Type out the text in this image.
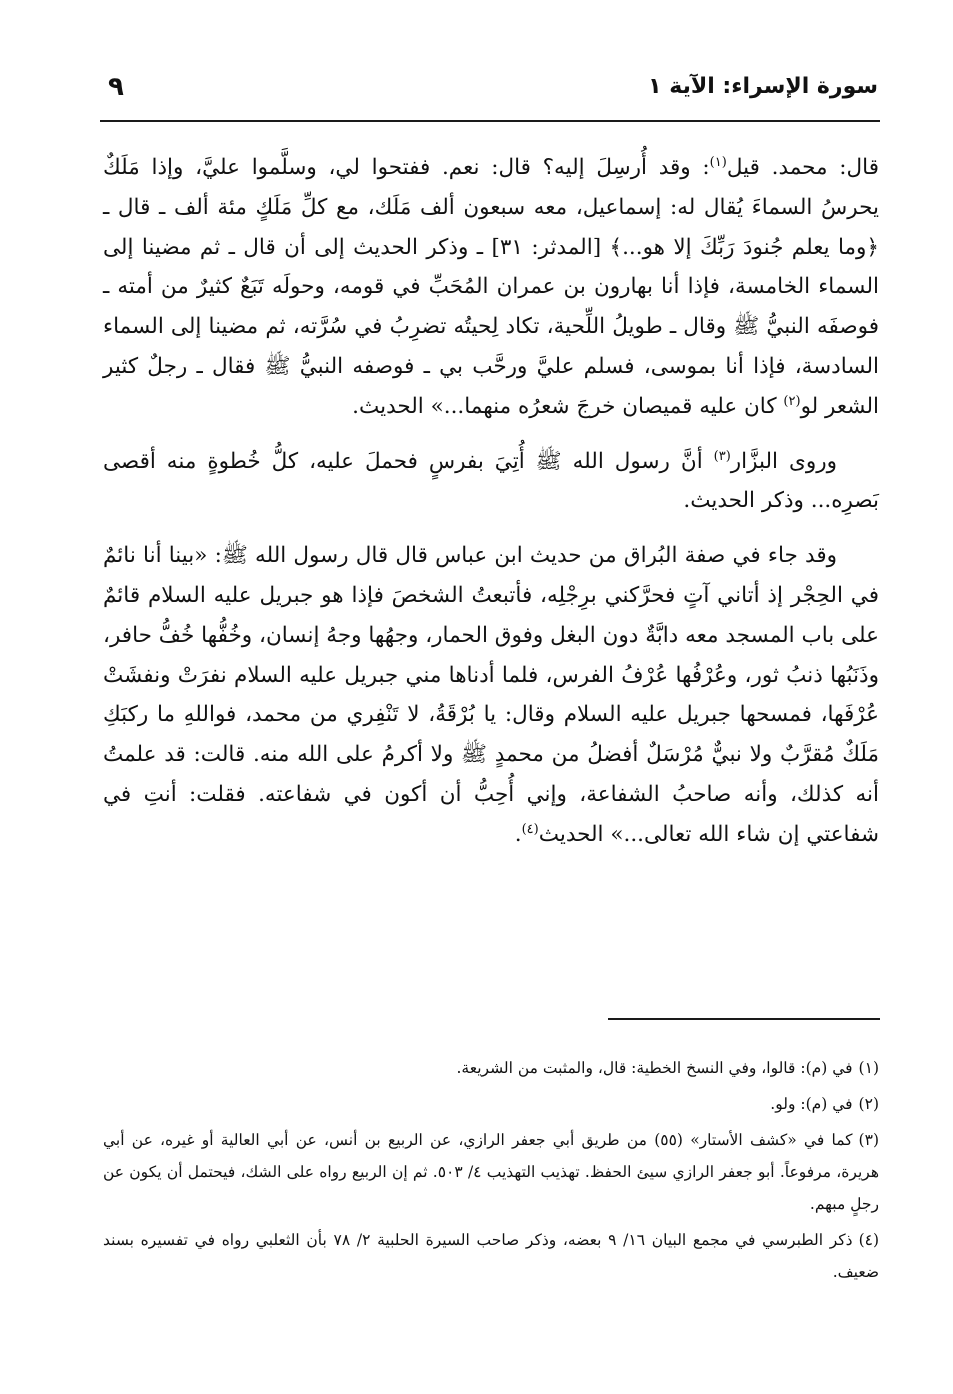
سورة الإسراء: الآية ١
٩

قال: محمد. قيل$^{(١)}$: وقد أُرسِلَ إليه؟ قال: نعم. ففتحوا لي، وسلَّموا عليَّ، وإذا مَلَكٌ يحرسُ السماءَ يُقال له: إسماعيل، معه سبعون ألف مَلَك، مع كلِّ مَلَكٍ مئة ألف ـ قال ـ ﴿وما يعلم جُنودَ رَبِّكَ إلا هو...﴾ [المدثر: ٣١] ـ وذكر الحديث إلى أن قال ـ ثم مضينا إلى السماء الخامسة، فإذا أنا بهارون بن عمران المُحَبِّ في قومه، وحولَه تَبَعٌ كثيرٌ من أمته ـ فوصفَه النبيُّ ﷺ وقال ـ طويلُ اللِّحية، تكاد لِحيتُه تضرِبُ في سُرَّته، ثم مضينا إلى السماء السادسة، فإذا أنا بموسى، فسلم عليَّ ورحَّب بي ـ فوصفه النبيُّ ﷺ فقال ـ رجلٌ كثير الشعر لو$^{(٢)}$ كان عليه قميصان خرجَ شعرُه منهما...» الحديث.

وروى البزَّار$^{(٣)}$ أنَّ رسول الله ﷺ أُتِيَ بفرسٍ فحملَ عليه، كلُّ خُطوةٍ منه أقصى بَصرِه... وذكر الحديث.

وقد جاء في صفة البُراق من حديث ابن عباس قال قال رسول الله ﷺ: «بينا أنا نائمٌ في الحِجْر إذ أتاني آتٍ فحرَّكني برِجْلِه، فأتبعتُ الشخصَ فإذا هو جبريل عليه السلام قائمٌ على باب المسجد معه دابَّةٌ دون البغل وفوق الحمار، وجهُها وجهُ إنسان، وخُفُّها خُفُّ حافر، وذَنَبُها ذنبُ ثور، وعُرْفُها عُرْفُ الفرس، فلما أدناها مني جبريل عليه السلام نفرَتْ ونفشَتْ عُرْفَها، فمسحها جبريل عليه السلام وقال: يا بُرْقَةُ، لا تَنْفِري من محمد، فواللهِ ما ركبَكِ مَلَكٌ مُقرَّبٌ ولا نبيٌّ مُرْسَلٌ أفضلُ من محمدٍ ﷺ ولا أكرمُ على الله منه. قالت: قد علمتُ أنه كذلك، وأنه صاحبُ الشفاعة، وإني أُحِبُّ أن أكون في شفاعته. فقلت: أنتِ في شفاعتي إن شاء الله تعالى...» الحديث$^{(٤)}$.

(١)في (م): قالوا، وفي النسخ الخطية: قال، والمثبت من الشريعة.

(٢)في (م): ولو.

(٣)كما في «كشف الأستار» (٥٥) من طريق أبي جعفر الرازي، عن الربيع بن أنس، عن أبي العالية أو غيره، عن أبي هريرة، مرفوعاً. أبو جعفر الرازي سيئ الحفظ. تهذيب التهذيب ٤/ ٥٠٣. ثم إن الربيع رواه على الشك، فيحتمل أن يكون عن رجلٍ مبهم.

(٤)ذكر الطبرسي في مجمع البيان ١٦/ ٩ بعضه، وذكر صاحب السيرة الحلبية ٢/ ٧٨ بأن الثعلبي رواه في تفسيره بسند ضعيف.
